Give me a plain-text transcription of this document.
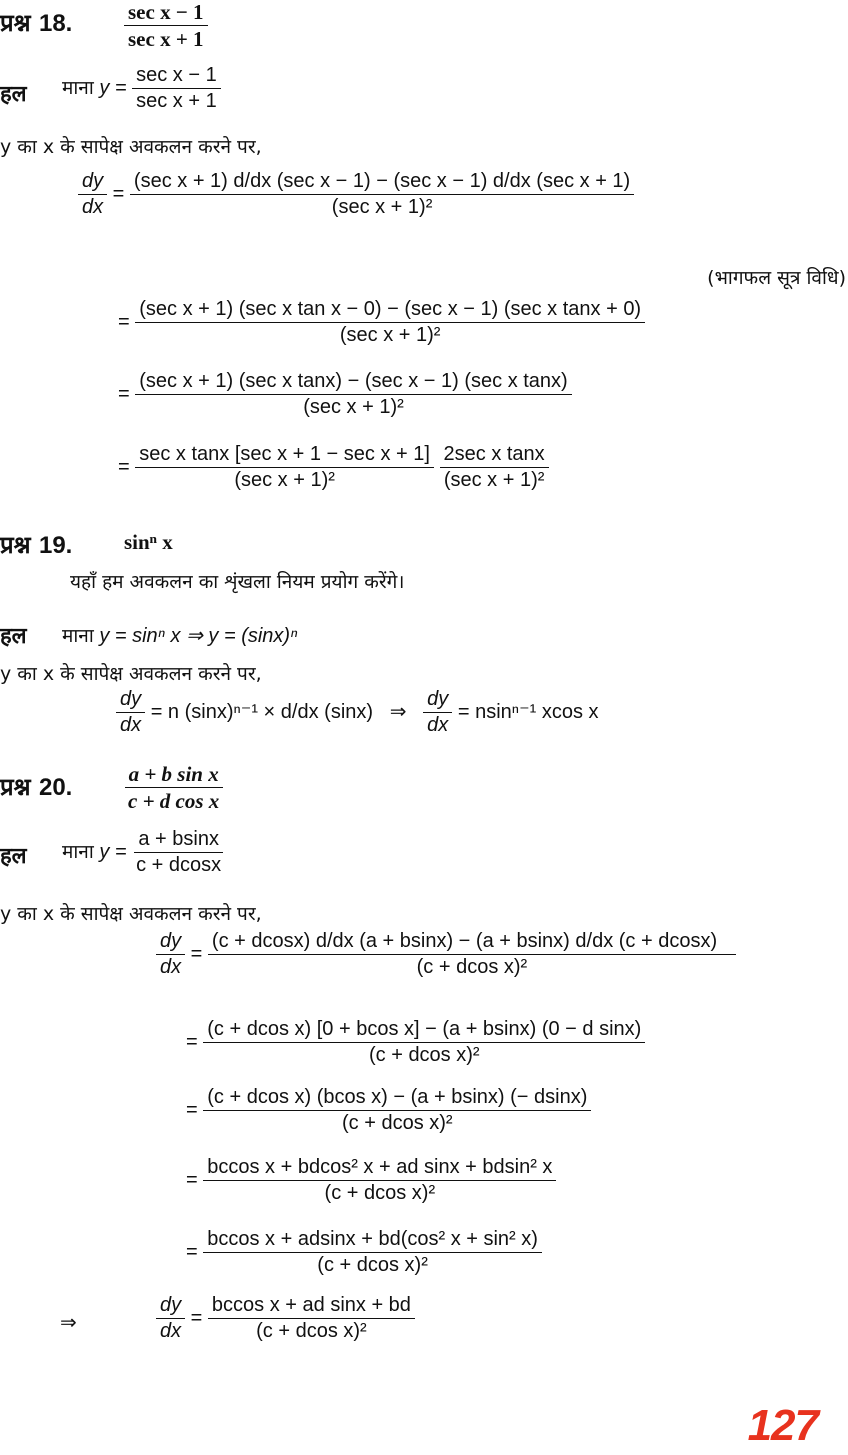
प्रश्न 18. $\frac{\text{sec x − 1}}{\text{sec x + 1}}$
हल माना $y = \frac{\text{sec x − 1}}{\text{sec x + 1}}$
y का x के सापेक्ष अवकलन करने पर,
$\frac{dy}{dx} = \frac{\text{(sec x + 1) d/dx (sec x − 1) − (sec x − 1) d/dx (sec x + 1)}}{\text{(sec x + 1)²}}$
(भागफल सूत्र विधि)
= $\frac{\text{(sec x + 1) (sec x tan x − 0) − (sec x − 1) (sec x tanx + 0)}}{\text{(sec x + 1)²}}$
= $\frac{\text{(sec x + 1) (sec x tanx) − (sec x − 1) (sec x tanx)}}{\text{(sec x + 1)²}}$
= $\frac{\text{sec x tanx [sec x + 1 − sec x + 1]}}{\text{(sec x + 1)²}}$
$\frac{\text{2sec x tanx}}{\text{(sec x + 1)²}}$
प्रश्न 19. sinⁿ x
यहाँ हम अवकलन का शृंखला नियम प्रयोग करेंगे।
हल माना y = sinⁿ x ⇒ y = (sinx)ⁿ
y का x के सापेक्ष अवकलन करने पर,
$\frac{dy}{dx} = n$ (sinx)ⁿ⁻¹ × d/dx (sinx) ⇒ $\frac{dy}{dx} = nsin^{n-1}$ xcos x
प्रश्न 20. $\frac{\text{a + b sin x}}{\text{c + d cos x}}$
हल माना $y = \frac{a + bsinx}{c + dcosx}$
y का x के सापेक्ष अवकलन करने पर,
$\frac{dy}{dx} = \frac{(c + dcosx) d/dx (a + bsinx) - (a + bsinx) d/dx (c + dcosx)}{\text{(c + dcos x)²}}$
= $\frac{\text{(c + dcos x) [0 + bcos x] − (a + bsinx) (0 − d sinx)}}{\text{(c + dcos x)²}}$
= $\frac{\text{(c + dcos x) (bcos x) − (a + bsinx) (− dsinx)}}{\text{(c + dcos x)²}}$
= $\frac{\text{bccos x + bdcos² x + ad sinx + bdsin² x}}{\text{(c + dcos x)²}}$
= $\frac{\text{bccos x + adsinx + bd(cos² x + sin² x)}}{\text{(c + dcos x)²}}$
⇒	$\frac{dy}{dx} = \frac{\text{bccos x + ad sinx + bd}}{\text{(c + dcos x)²}}$
127
